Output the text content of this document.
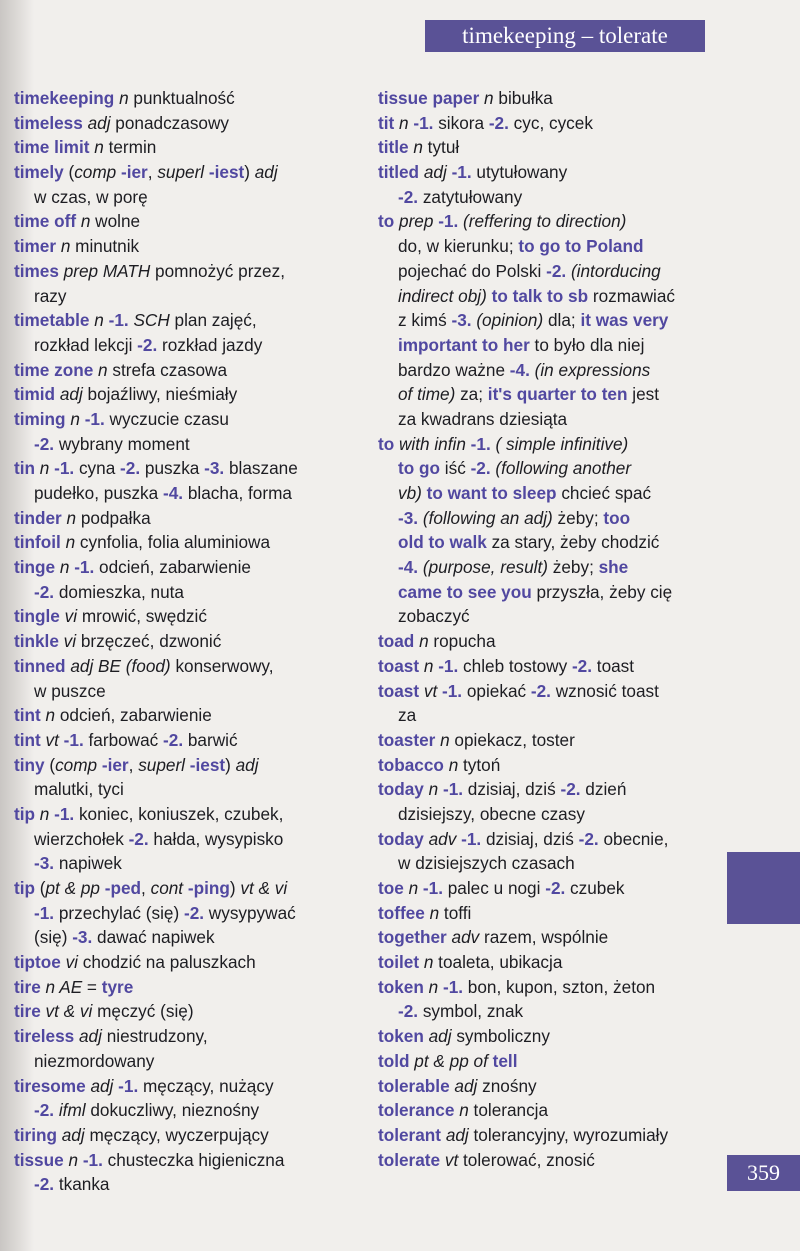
timekeeping – tolerate
timekeeping n punktualność
timeless adj ponadczasowy
time limit n termin
timely (comp -ier, superl -iest) adj
w czas, w porę
time off n wolne
timer n minutnik
times prep MATH pomnożyć przez,
razy
timetable n -1. SCH plan zajęć,
rozkład lekcji -2. rozkład jazdy
time zone n strefa czasowa
timid adj bojaźliwy, nieśmiały
timing n -1. wyczucie czasu
-2. wybrany moment
tin n -1. cyna -2. puszka -3. blaszane
pudełko, puszka -4. blacha, forma
tinder n podpałka
tinfoil n cynfolia, folia aluminiowa
tinge n -1. odcień, zabarwienie
-2. domieszka, nuta
tingle vi mrowić, swędzić
tinkle vi brzęczeć, dzwonić
tinned adj BE (food) konserwowy,
w puszce
tint n odcień, zabarwienie
tint vt -1. farbować -2. barwić
tiny (comp -ier, superl -iest) adj
malutki, tyci
tip n -1. koniec, koniuszek, czubek,
wierzchołek -2. hałda, wysypisko
-3. napiwek
tip (pt & pp -ped, cont -ping) vt & vi
-1. przechylać (się) -2. wysypywać
(się) -3. dawać napiwek
tiptoe vi chodzić na paluszkach
tire n AE = tyre
tire vt & vi męczyć (się)
tireless adj niestrudzony,
niezmordowany
tiresome adj -1. męczący, nużący
-2. ifml dokuczliwy, nieznośny
tiring adj męczący, wyczerpujący
tissue n -1. chusteczka higieniczna
-2. tkanka
tissue paper n bibułka
tit n -1. sikora -2. cyc, cycek
title n tytuł
titled adj -1. utytułowany
-2. zatytułowany
to prep -1. (reffering to direction)
do, w kierunku; to go to Poland
pojechać do Polski -2. (intorducing
indirect obj) to talk to sb rozmawiać
z kimś -3. (opinion) dla; it was very
important to her to było dla niej
bardzo ważne -4. (in expressions
of time) za; it's quarter to ten jest
za kwadrans dziesiąta
to with infin -1. ( simple infinitive)
to go iść -2. (following another
vb) to want to sleep chcieć spać
-3. (following an adj) żeby; too
old to walk za stary, żeby chodzić
-4. (purpose, result) żeby; she
came to see you przyszła, żeby cię
zobaczyć
toad n ropucha
toast n -1. chleb tostowy -2. toast
toast vt -1. opiekać -2. wznosić toast
za
toaster n opiekacz, toster
tobacco n tytoń
today n -1. dzisiaj, dziś -2. dzień
dzisiejszy, obecne czasy
today adv -1. dzisiaj, dziś -2. obecnie,
w dzisiejszych czasach
toe n -1. palec u nogi -2. czubek
toffee n toffi
together adv razem, wspólnie
toilet n toaleta, ubikacja
token n -1. bon, kupon, szton, żeton
-2. symbol, znak
token adj symboliczny
told pt & pp of tell
tolerable adj znośny
tolerance n tolerancja
tolerant adj tolerancyjny, wyrozumiały
tolerate vt tolerować, znosić
359
